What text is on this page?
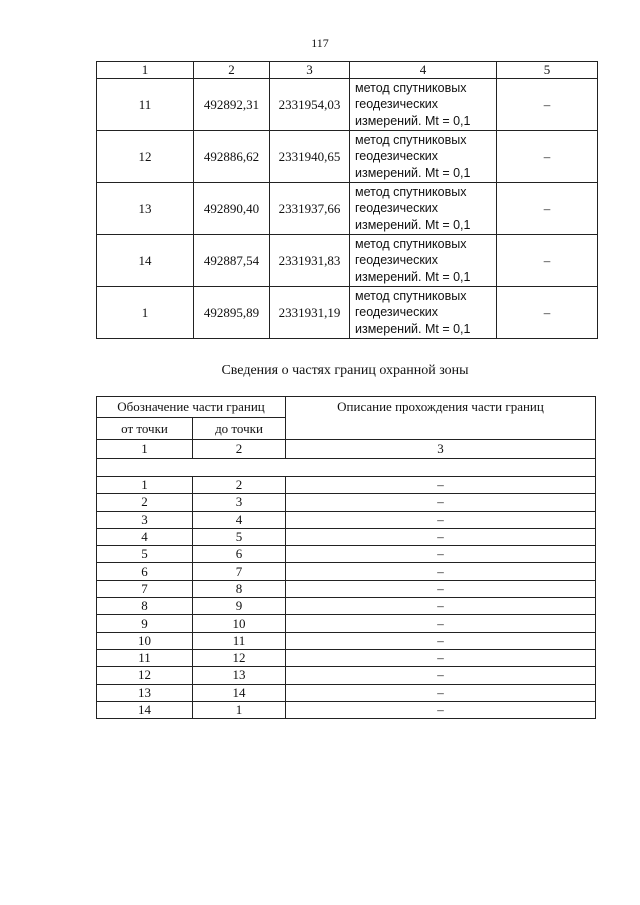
117
1	2	3	4	5
11	492892,31	2331954,03	метод спутниковых
геодезических
измерений. Mt = 0,1	–
12	492886,62	2331940,65	метод спутниковых
геодезических
измерений. Mt = 0,1	–
13	492890,40	2331937,66	метод спутниковых
геодезических
измерений. Mt = 0,1	–
14	492887,54	2331931,83	метод спутниковых
геодезических
измерений. Mt = 0,1	–
1	492895,89	2331931,19	метод спутниковых
геодезических
измерений. Mt = 0,1	–
Сведения о частях границ охранной зоны
Обозначение части границ		Описание прохождения части границ
от точки	до точки	
1	2	3

1	2	–
2	3	–
3	4	–
4	5	–
5	6	–
6	7	–
7	8	–
8	9	–
9	10	–
10	11	–
11	12	–
12	13	–
13	14	–
14	1	–
